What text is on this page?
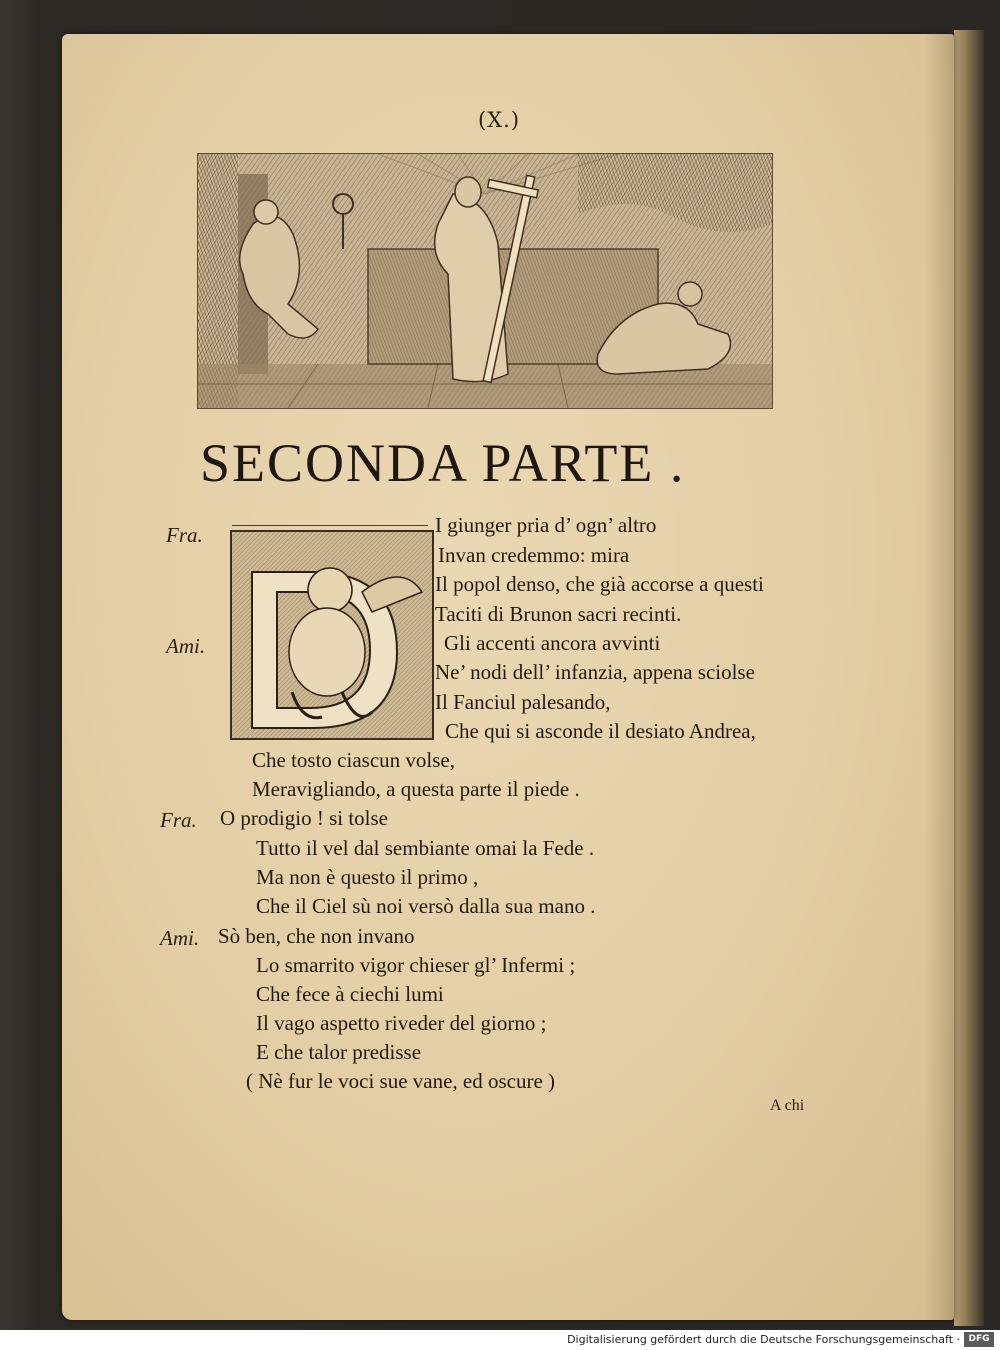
(X.)
SECONDA PARTE .
Fra.	I giunger pria d’ ogn’ altro
Invan credemmo: mira
Il popol denso, che già accorse a questi
Taciti di Brunon sacri recinti.
Ami.	Gli accenti ancora avvinti
Ne’ nodi dell’ infanzia, appena sciolse
Il Fanciul palesando,
Che qui si asconde il desiato Andrea,
Che tosto ciascun volse,
Meravigliando, a questa parte il piede .
Fra. O prodigio ! si tolse
Tutto il vel dal sembiante omai la Fede .
Ma non è questo il primo ,
Che il Ciel sù noi versò dalla sua mano .
Ami. Sò ben, che non invano
Lo smarrito vigor chieser gl’ Infermi ;
Che fece à ciechi lumi
Il vago aspetto riveder del giorno ;
E che talor predisse
( Nè fur le voci sue vane, ed oscure )
A chi
Digitalisierung gefördert durch die Deutsche Forschungsgemeinschaft · DFG
